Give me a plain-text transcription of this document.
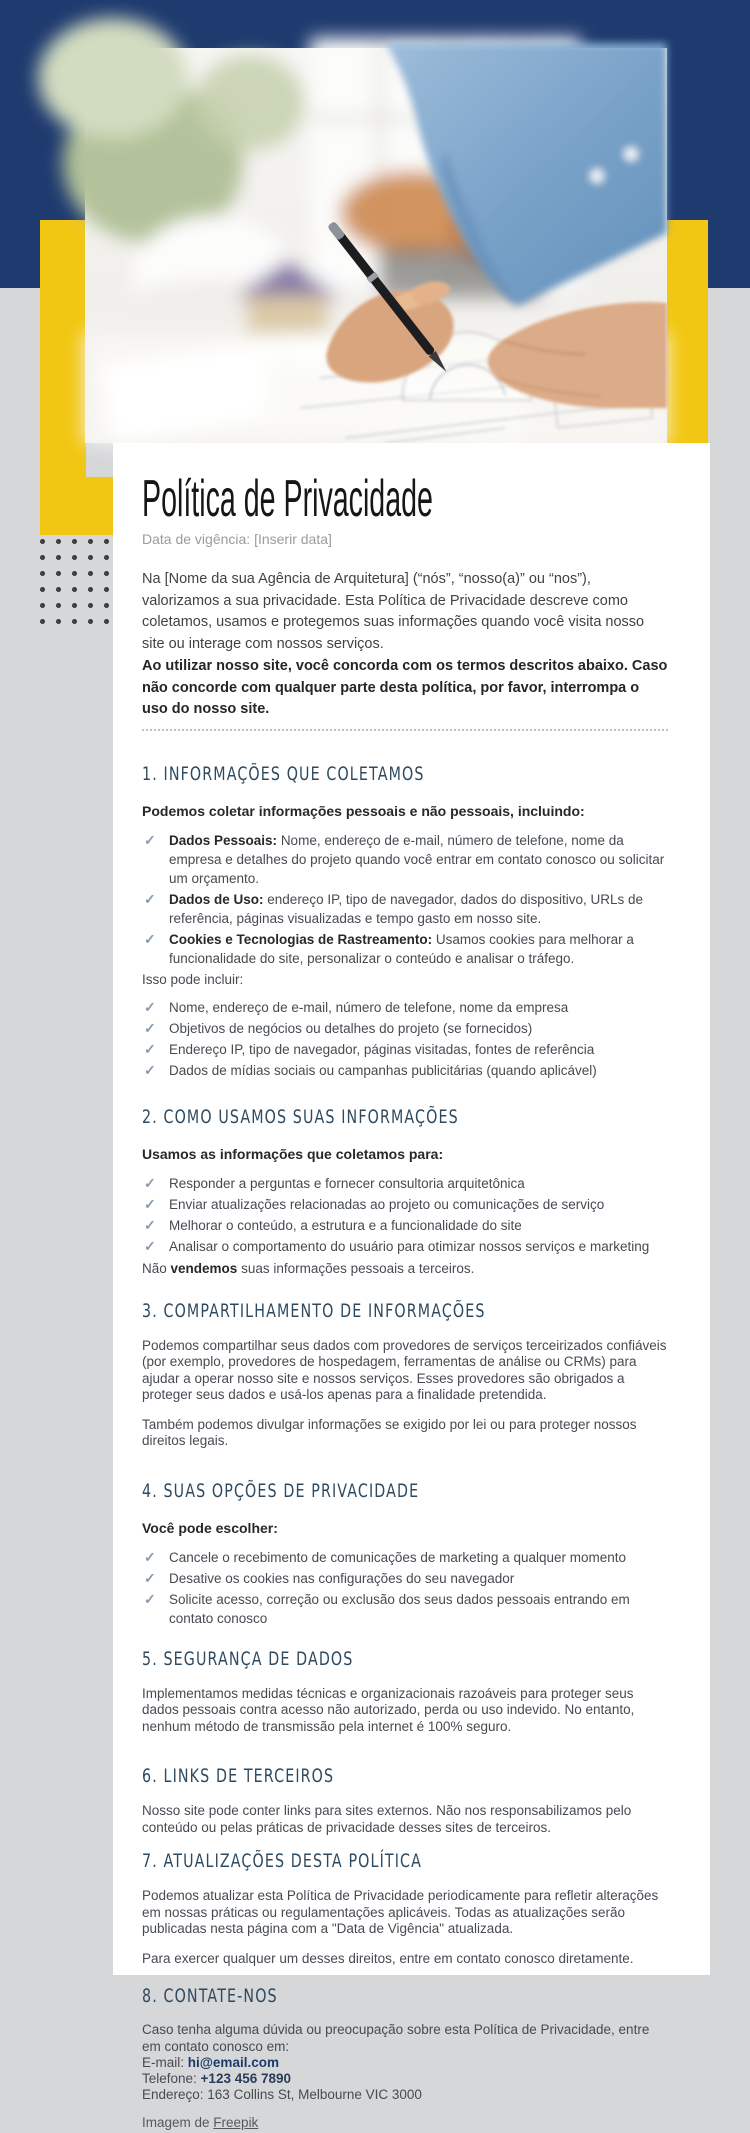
Política de Privacidade
Data de vigência: [Inserir data]
Na [Nome da sua Agência de Arquitetura] (“nós”, “nosso(a)” ou “nos”), valorizamos a sua privacidade. Esta Política de Privacidade descreve como coletamos, usamos e protegemos suas informações quando você visita nosso site ou interage com nossos serviços.
Ao utilizar nosso site, você concorda com os termos descritos abaixo. Caso não concorde com qualquer parte desta política, por favor, interrompa o uso do nosso site.
1. INFORMAÇÕES QUE COLETAMOS
Podemos coletar informações pessoais e não pessoais, incluindo:
✓ Dados Pessoais: Nome, endereço de e-mail, número de telefone, nome da empresa e detalhes do projeto quando você entrar em contato conosco ou solicitar um orçamento.
✓ Dados de Uso: endereço IP, tipo de navegador, dados do dispositivo, URLs de referência, páginas visualizadas e tempo gasto em nosso site.
✓ Cookies e Tecnologias de Rastreamento: Usamos cookies para melhorar a funcionalidade do site, personalizar o conteúdo e analisar o tráfego.
Isso pode incluir:
✓ Nome, endereço de e-mail, número de telefone, nome da empresa
✓ Objetivos de negócios ou detalhes do projeto (se fornecidos)
✓ Endereço IP, tipo de navegador, páginas visitadas, fontes de referência
✓ Dados de mídias sociais ou campanhas publicitárias (quando aplicável)
2. COMO USAMOS SUAS INFORMAÇÕES
Usamos as informações que coletamos para:
✓ Responder a perguntas e fornecer consultoria arquitetônica
✓ Enviar atualizações relacionadas ao projeto ou comunicações de serviço
✓ Melhorar o conteúdo, a estrutura e a funcionalidade do site
✓ Analisar o comportamento do usuário para otimizar nossos serviços e marketing
Não vendemos suas informações pessoais a terceiros.
3. COMPARTILHAMENTO DE INFORMAÇÕES
Podemos compartilhar seus dados com provedores de serviços terceirizados confiáveis (por exemplo, provedores de hospedagem, ferramentas de análise ou CRMs) para ajudar a operar nosso site e nossos serviços. Esses provedores são obrigados a proteger seus dados e usá-los apenas para a finalidade pretendida.
Também podemos divulgar informações se exigido por lei ou para proteger nossos direitos legais.
4. SUAS OPÇÕES DE PRIVACIDADE
Você pode escolher:
✓ Cancele o recebimento de comunicações de marketing a qualquer momento
✓ Desative os cookies nas configurações do seu navegador
✓ Solicite acesso, correção ou exclusão dos seus dados pessoais entrando em contato conosco
5. SEGURANÇA DE DADOS
Implementamos medidas técnicas e organizacionais razoáveis para proteger seus dados pessoais contra acesso não autorizado, perda ou uso indevido. No entanto, nenhum método de transmissão pela internet é 100% seguro.
6. LINKS DE TERCEIROS
Nosso site pode conter links para sites externos. Não nos responsabilizamos pelo conteúdo ou pelas práticas de privacidade desses sites de terceiros.
7. ATUALIZAÇÕES DESTA POLÍTICA
Podemos atualizar esta Política de Privacidade periodicamente para refletir alterações em nossas práticas ou regulamentações aplicáveis. Todas as atualizações serão publicadas nesta página com a "Data de Vigência" atualizada.
Para exercer qualquer um desses direitos, entre em contato conosco diretamente.
8. CONTATE-NOS
Caso tenha alguma dúvida ou preocupação sobre esta Política de Privacidade, entre em contato conosco em:
E-mail: hi@email.com
Telefone: +123 456 7890
Endereço: 163 Collins St, Melbourne VIC 3000
Imagem de Freepik
